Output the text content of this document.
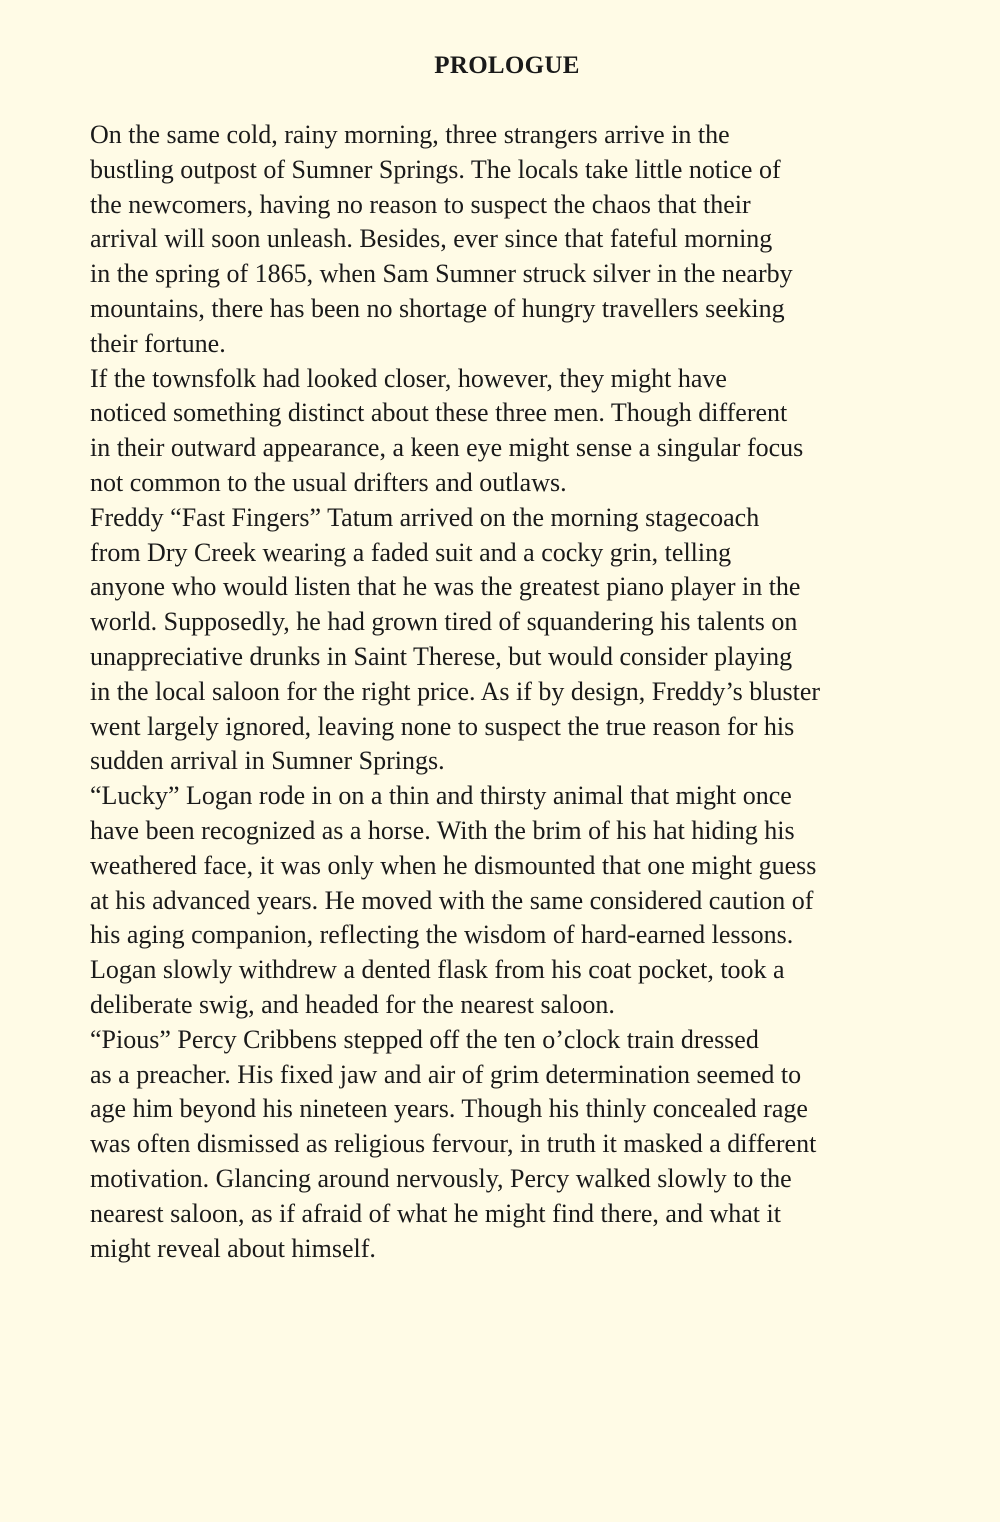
PROLOGUE

On the same cold, rainy morning, three strangers arrive in the
bustling outpost of Sumner Springs. The locals take little notice of
the newcomers, having no reason to suspect the chaos that their
arrival will soon unleash. Besides, ever since that fateful morning
in the spring of 1865, when Sam Sumner struck silver in the nearby
mountains, there has been no shortage of hungry travellers seeking
their fortune.

If the townsfolk had looked closer, however, they might have
noticed something distinct about these three men. Though different
in their outward appearance, a keen eye might sense a singular focus
not common to the usual drifters and outlaws.

Freddy “Fast Fingers” Tatum arrived on the morning stagecoach
from Dry Creek wearing a faded suit and a cocky grin, telling
anyone who would listen that he was the greatest piano player in the
world. Supposedly, he had grown tired of squandering his talents on
unappreciative drunks in Saint Therese, but would consider playing
in the local saloon for the right price. As if by design, Freddy’s bluster
went largely ignored, leaving none to suspect the true reason for his
sudden arrival in Sumner Springs.

“Lucky” Logan rode in on a thin and thirsty animal that might once
have been recognized as a horse. With the brim of his hat hiding his
weathered face, it was only when he dismounted that one might guess
at his advanced years. He moved with the same considered caution of
his aging companion, reflecting the wisdom of hard-earned lessons.
Logan slowly withdrew a dented flask from his coat pocket, took a
deliberate swig, and headed for the nearest saloon.

“Pious” Percy Cribbens stepped off the ten o’clock train dressed
as a preacher. His fixed jaw and air of grim determination seemed to
age him beyond his nineteen years. Though his thinly concealed rage
was often dismissed as religious fervour, in truth it masked a different
motivation. Glancing around nervously, Percy walked slowly to the
nearest saloon, as if afraid of what he might find there, and what it
might reveal about himself.
